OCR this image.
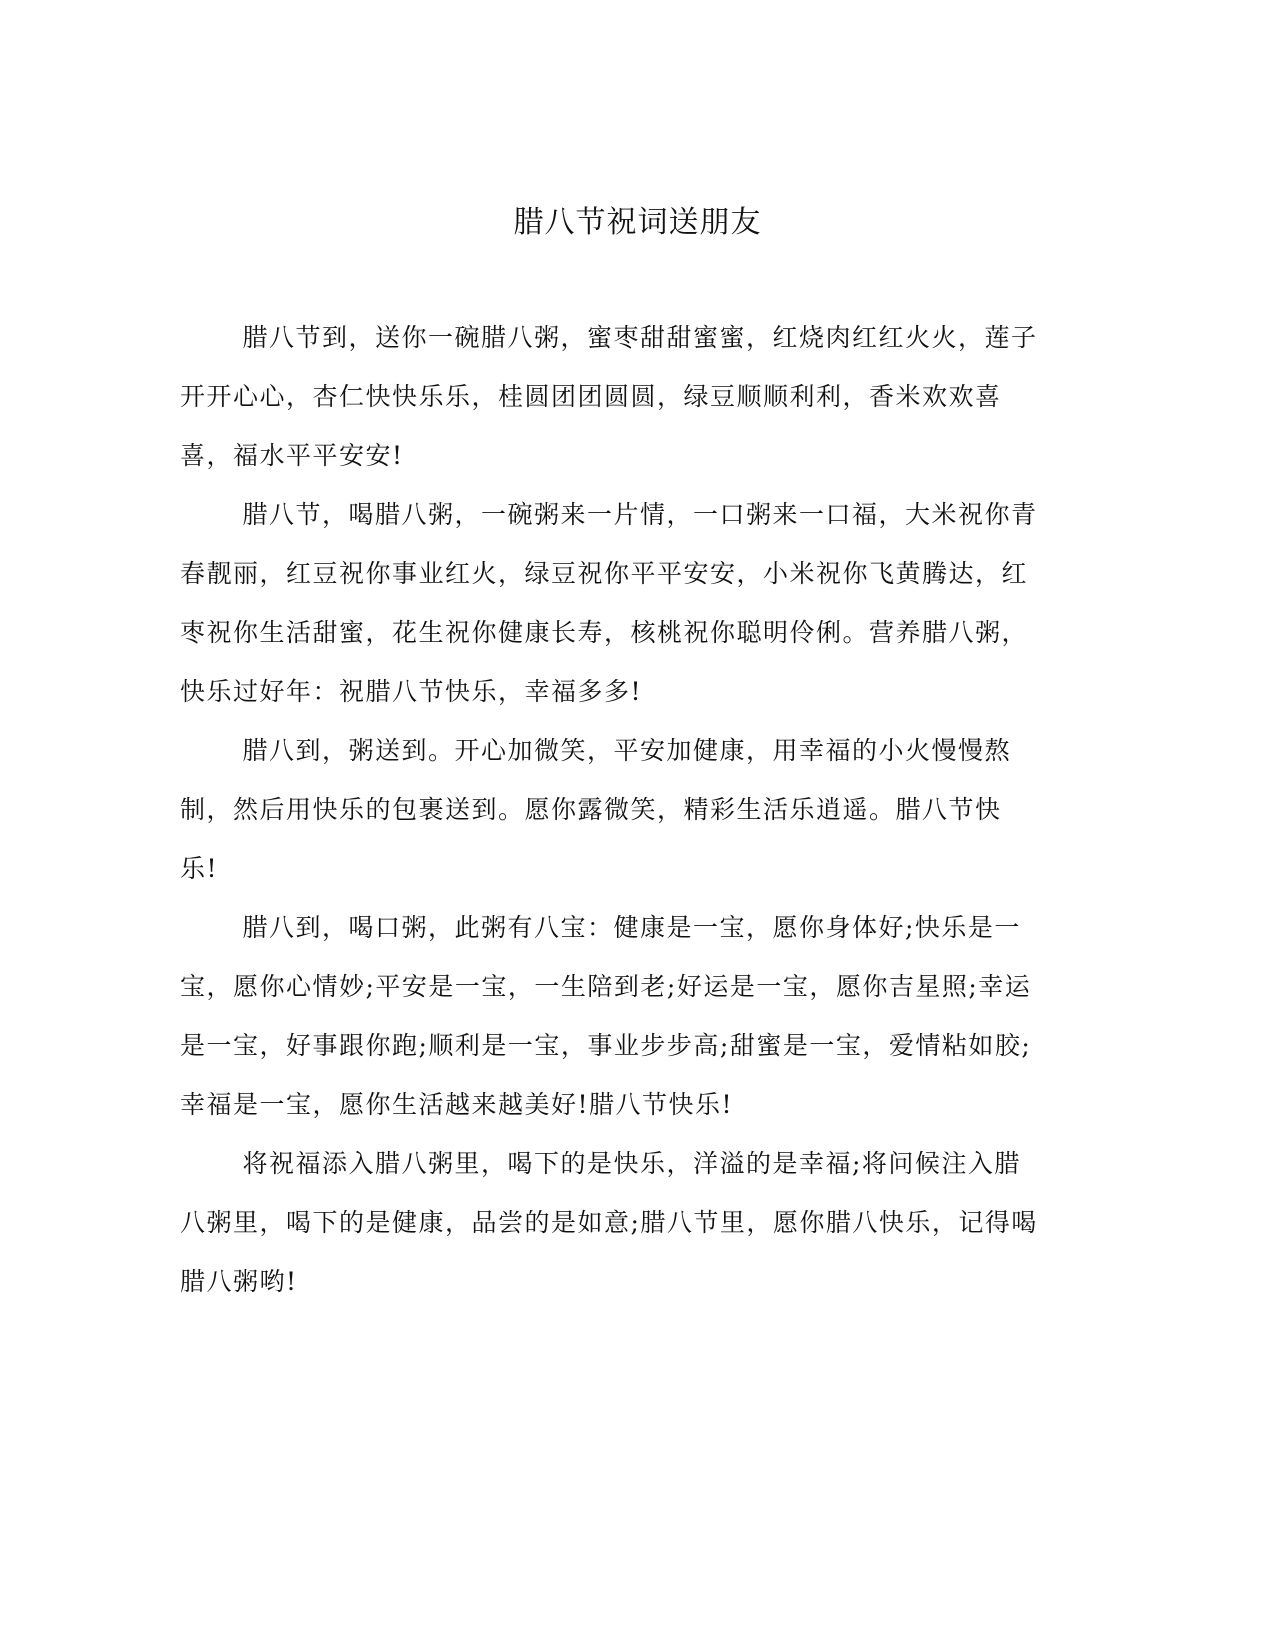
腊八节祝词送朋友

腊八节到，送你一碗腊八粥，蜜枣甜甜蜜蜜，红烧肉红红火火，莲子开开心心，杏仁快快乐乐，桂圆团团圆圆，绿豆顺顺利利，香米欢欢喜喜，福水平平安安!

腊八节，喝腊八粥，一碗粥来一片情，一口粥来一口福，大米祝你青春靓丽，红豆祝你事业红火，绿豆祝你平平安安，小米祝你飞黄腾达，红枣祝你生活甜蜜，花生祝你健康长寿，核桃祝你聪明伶俐。营养腊八粥，快乐过好年：祝腊八节快乐，幸福多多!

腊八到，粥送到。开心加微笑，平安加健康，用幸福的小火慢慢熬制，然后用快乐的包裹送到。愿你露微笑，精彩生活乐逍遥。腊八节快乐!

腊八到，喝口粥，此粥有八宝：健康是一宝，愿你身体好;快乐是一宝，愿你心情妙;平安是一宝，一生陪到老;好运是一宝，愿你吉星照;幸运是一宝，好事跟你跑;顺利是一宝，事业步步高;甜蜜是一宝，爱情粘如胶;幸福是一宝，愿你生活越来越美好!腊八节快乐!

将祝福添入腊八粥里，喝下的是快乐，洋溢的是幸福;将问候注入腊八粥里，喝下的是健康，品尝的是如意;腊八节里，愿你腊八快乐，记得喝腊八粥哟!
